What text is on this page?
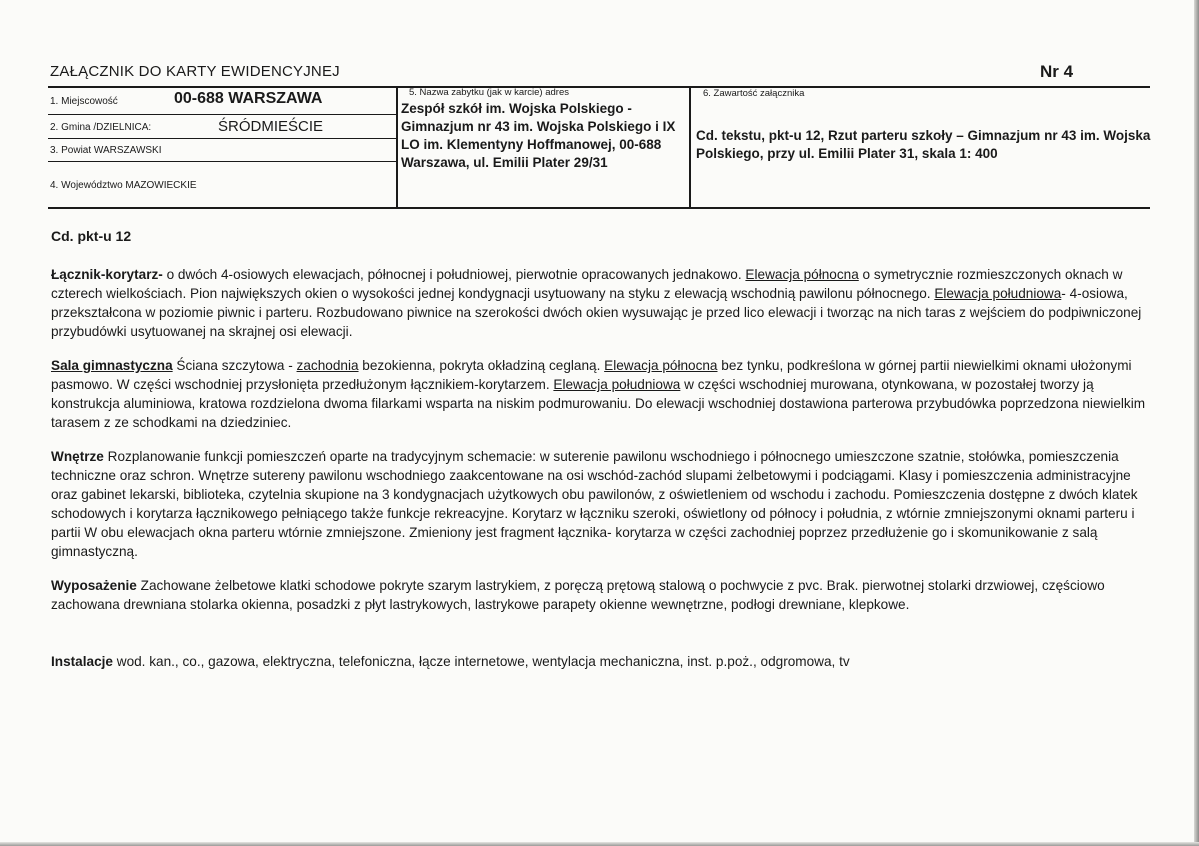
ZAŁĄCZNIK DO KARTY EWIDENCYJNEJ	Nr 4
1. Miejscowość	00-688 WARSZAWA
2. Gmina /DZIELNICA:	ŚRÓDMIEŚCIE
3. Powiat WARSZAWSKI
4. Województwo MAZOWIECKIE
5. Nazwa zabytku (jak w karcie) adres
Zespół szkół im. Wojska Polskiego - Gimnazjum nr 43 im. Wojska Polskiego i IX LO im. Klementyny Hoffmanowej, 00-688 Warszawa, ul. Emilii Plater 29/31
6. Zawartość załącznika
Cd. tekstu, pkt-u 12, Rzut parteru szkoły – Gimnazjum nr 43 im. Wojska Polskiego, przy ul. Emilii Plater 31, skala 1: 400
Cd. pkt-u 12
Łącznik-korytarz- o dwóch 4-osiowych elewacjach, północnej i południowej, pierwotnie opracowanych jednakowo. Elewacja północna o symetrycznie rozmieszczonych oknach w czterech wielkościach. Pion największych okien o wysokości jednej kondygnacji usytuowany na styku z elewacją wschodnią pawilonu północnego. Elewacja południowa- 4-osiowa, przekształcona w poziomie piwnic i parteru. Rozbudowano piwnice na szerokości dwóch okien wysuwając je przed lico elewacji i tworząc na nich taras z wejściem do podpiwniczonej przybudówki usytuowanej na skrajnej osi elewacji.
Sala gimnastyczna Ściana szczytowa - zachodnia bezokienna, pokryta okładziną ceglaną. Elewacja północna bez tynku, podkreślona w górnej partii niewielkimi oknami ułożonymi pasmowo. W części wschodniej przysłonięta przedłużonym łącznikiem-korytarzem. Elewacja południowa w części wschodniej murowana, otynkowana, w pozostałej tworzy ją konstrukcja aluminiowa, kratowa rozdzielona dwoma filarkami wsparta na niskim podmurowaniu. Do elewacji wschodniej dostawiona parterowa przybudówka poprzedzona niewielkim tarasem z ze schodkami na dziedziniec.
Wnętrze Rozplanowanie funkcji pomieszczeń oparte na tradycyjnym schemacie: w suterenie pawilonu wschodniego i północnego umieszczone szatnie, stołówka, pomieszczenia techniczne oraz schron. Wnętrze sutereny pawilonu wschodniego zaakcentowane na osi wschód-zachód slupami żelbetowymi i podciągami. Klasy i pomieszczenia administracyjne oraz gabinet lekarski, biblioteka, czytelnia skupione na 3 kondygnacjach użytkowych obu pawilonów, z oświetleniem od wschodu i zachodu. Pomieszczenia dostępne z dwóch klatek schodowych i korytarza łącznikowego pełniącego także funkcje rekreacyjne. Korytarz w łączniku szeroki, oświetlony od północy i południa, z wtórnie zmniejszonymi oknami parteru i partii W obu elewacjach okna parteru wtórnie zmniejszone. Zmieniony jest fragment łącznika- korytarza w części zachodniej poprzez przedłużenie go i skomunikowanie z salą gimnastyczną.
Wyposażenie Zachowane żelbetowe klatki schodowe pokryte szarym lastrykiem, z poręczą prętową stalową o pochwycie z pvc. Brak. pierwotnej stolarki drzwiowej, częściowo zachowana drewniana stolarka okienna, posadzki z płyt lastrykowych, lastrykowe parapety okienne wewnętrzne, podłogi drewniane, klepkowe.
Instalacje wod. kan., co., gazowa, elektryczna, telefoniczna, łącze internetowe, wentylacja mechaniczna, inst. p.poż., odgromowa, tv
